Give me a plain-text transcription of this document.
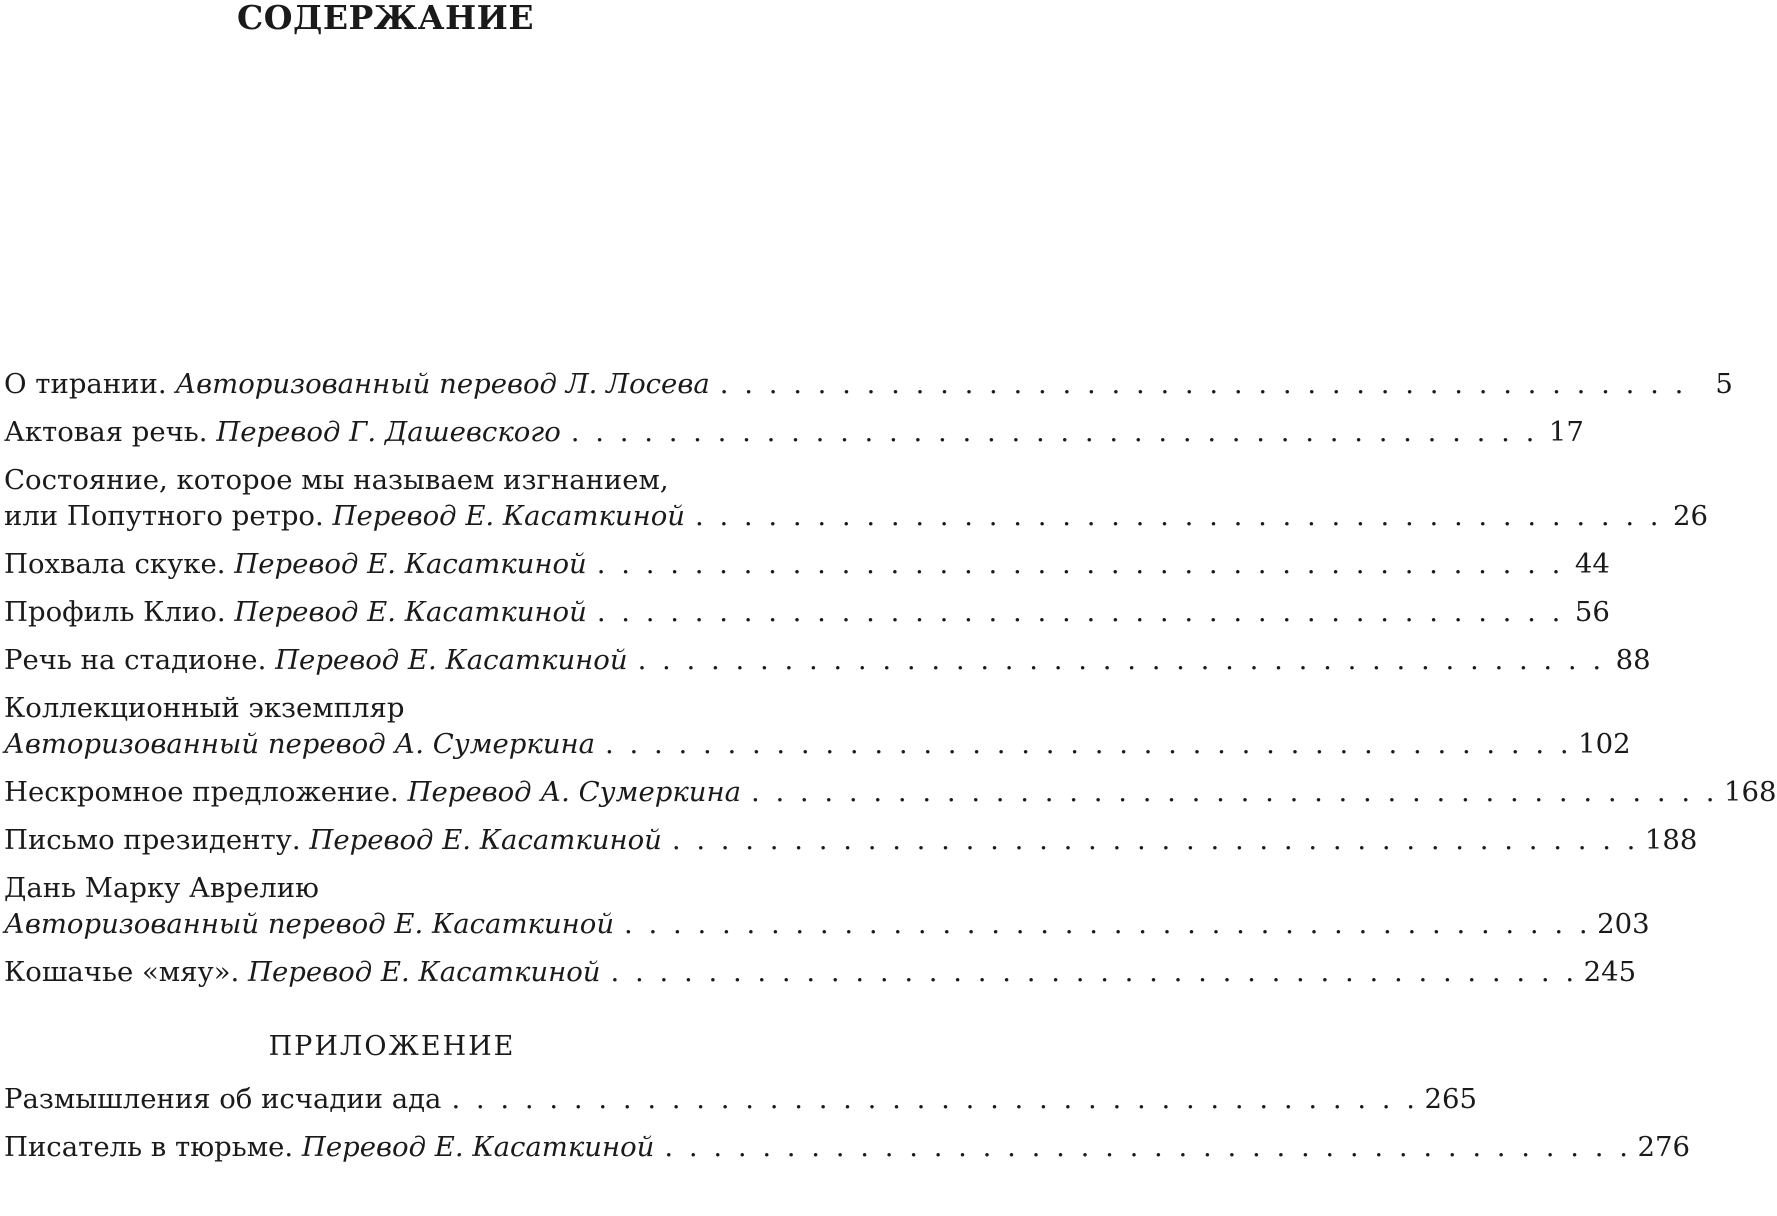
СОДЕРЖАНИЕ
О тирании. Авторизованный перевод Л. Лосева . . . . . . . . . . . . . . . . . . . . . . . . . . . . . . . . . . . . . . . .	5
Актовая речь. Перевод Г. Дашевского . . . . . . . . . . . . . . . . . . . . . . . . . . . . . . . . . . . . . . . . 17
Состояние, которое мы называем изгнанием,
или Попутного ретро. Перевод Е. Касаткиной . . . . . . . . . . . . . . . . . . . . . . . . . . . . . . . . . . . . . . . . 26
Похвала скуке. Перевод Е. Касаткиной . . . . . . . . . . . . . . . . . . . . . . . . . . . . . . . . . . . . . . . . 44
Профиль Клио. Перевод Е. Касаткиной . . . . . . . . . . . . . . . . . . . . . . . . . . . . . . . . . . . . . . . . 56
Речь на стадионе. Перевод Е. Касаткиной . . . . . . . . . . . . . . . . . . . . . . . . . . . . . . . . . . . . . . . . 88
Коллекционный экземпляр
Авторизованный перевод А. Сумеркина . . . . . . . . . . . . . . . . . . . . . . . . . . . . . . . . . . . . . . . . 102
Нескромное предложение. Перевод А. Сумеркина . . . . . . . . . . . . . . . . . . . . . . . . . . . . . . . . . . . . . . . . 168
Письмо президенту. Перевод Е. Касаткиной . . . . . . . . . . . . . . . . . . . . . . . . . . . . . . . . . . . . . . . . 188
Дань Марку Аврелию
Авторизованный перевод Е. Касаткиной . . . . . . . . . . . . . . . . . . . . . . . . . . . . . . . . . . . . . . . . 203
Кошачье «мяу». Перевод Е. Касаткиной . . . . . . . . . . . . . . . . . . . . . . . . . . . . . . . . . . . . . . . . 245
ПРИЛОЖЕНИЕ
Размышления об исчадии ада . . . . . . . . . . . . . . . . . . . . . . . . . . . . . . . . . . . . . . . . 265
Писатель в тюрьме. Перевод Е. Касаткиной . . . . . . . . . . . . . . . . . . . . . . . . . . . . . . . . . . . . . . . . 276
